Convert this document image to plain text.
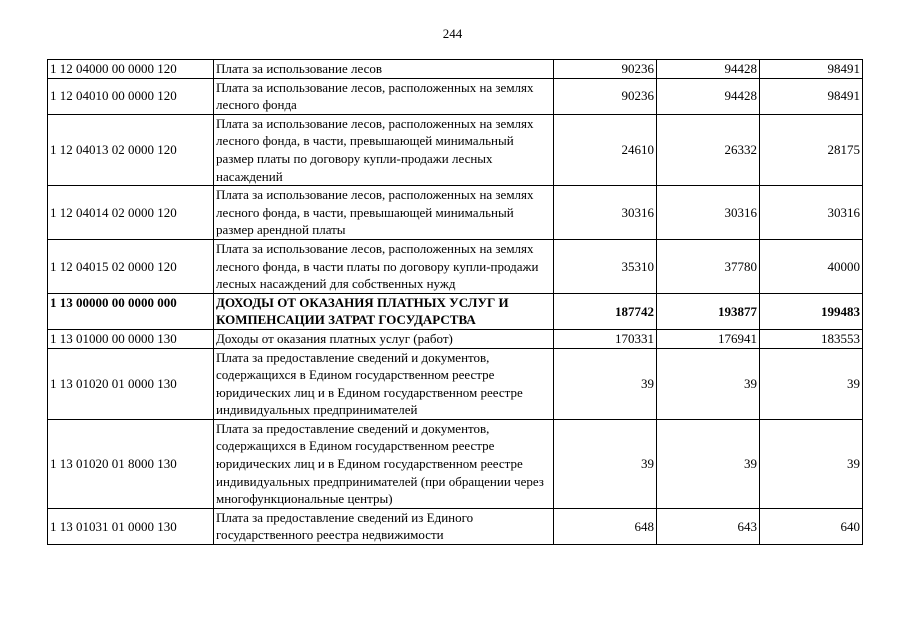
244
1 12 04000 00 0000 120	Плата за использование лесов	90236	94428	98491
1 12 04010 00 0000 120	Плата за использование лесов, расположенных на землях лесного фонда	90236	94428	98491
1 12 04013 02 0000 120	Плата за использование лесов, расположенных на землях лесного фонда, в части, превышающей минимальный размер платы по договору купли-продажи лесных насаждений	24610	26332	28175
1 12 04014 02 0000 120	Плата за использование лесов, расположенных на землях лесного фонда, в части, превышающей минимальный размер арендной платы	30316	30316	30316
1 12 04015 02 0000 120	Плата за использование лесов, расположенных на землях лесного фонда, в части платы по договору купли-продажи лесных насаждений для собственных нужд	35310	37780	40000
1 13 00000 00 0000 000	ДОХОДЫ ОТ ОКАЗАНИЯ ПЛАТНЫХ УСЛУГ И КОМПЕНСАЦИИ ЗАТРАТ ГОСУДАРСТВА	187742	193877	199483
1 13 01000 00 0000 130	Доходы от оказания платных услуг (работ)	170331	176941	183553
1 13 01020 01 0000 130	Плата за предоставление сведений и документов, содержащихся в Едином государственном реестре юридических лиц и в Едином государственном реестре индивидуальных предпринимателей	39	39	39
1 13 01020 01 8000 130	Плата за предоставление сведений и документов, содержащихся в Едином государственном реестре юридических лиц и в Едином государственном реестре индивидуальных предпринимателей (при обращении через многофункциональные центры)	39	39	39
1 13 01031 01 0000 130	Плата за предоставление сведений из Единого государственного реестра недвижимости	648	643	640
